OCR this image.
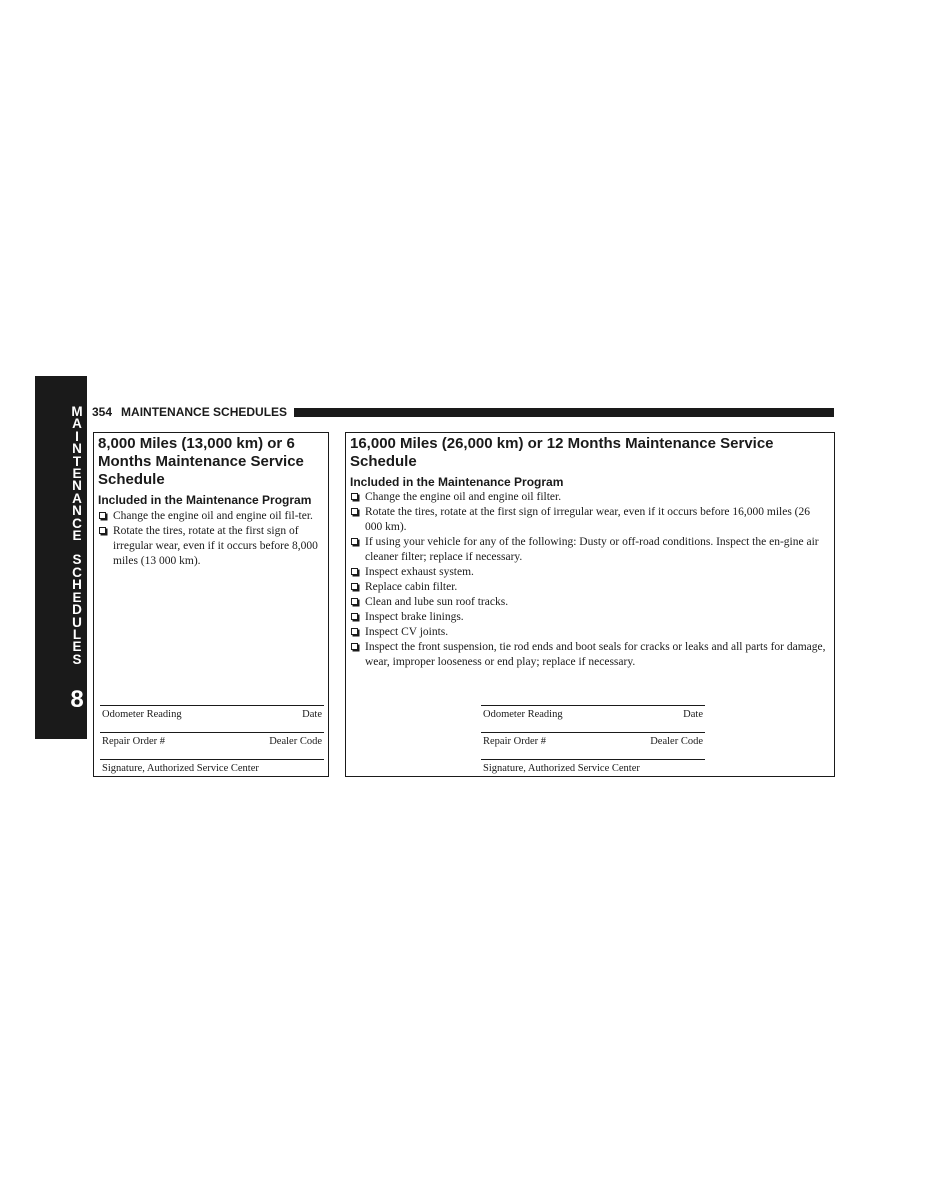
M
A
I
N
T
E
N
A
N
C
E
S
C
H
E
D
U
L
E
S
8
354 MAINTENANCE SCHEDULES
8,000 Miles (13,000 km) or 6 Months Maintenance Service Schedule

Included in the Maintenance Program

Change the engine oil and engine oil fil-ter.
Rotate the tires, rotate at the first sign of irregular wear, even if it occurs before 8,000 miles (13 000 km).
Odometer Reading	Date
Repair Order #	Dealer Code
Signature, Authorized Service Center
16,000 Miles (26,000 km) or 12 Months Maintenance Service Schedule

Included in the Maintenance Program

Change the engine oil and engine oil filter.
Rotate the tires, rotate at the first sign of irregular wear, even if it occurs before 16,000 miles (26 000 km).
If using your vehicle for any of the following: Dusty or off-road conditions. Inspect the en-gine air cleaner filter; replace if necessary.
Inspect exhaust system.
Replace cabin filter.
Clean and lube sun roof tracks.
Inspect brake linings.
Inspect CV joints.
Inspect the front suspension, tie rod ends and boot seals for cracks or leaks and all parts for damage, wear, improper looseness or end play; replace if necessary.
Odometer Reading	Date
Repair Order #	Dealer Code
Signature, Authorized Service Center
